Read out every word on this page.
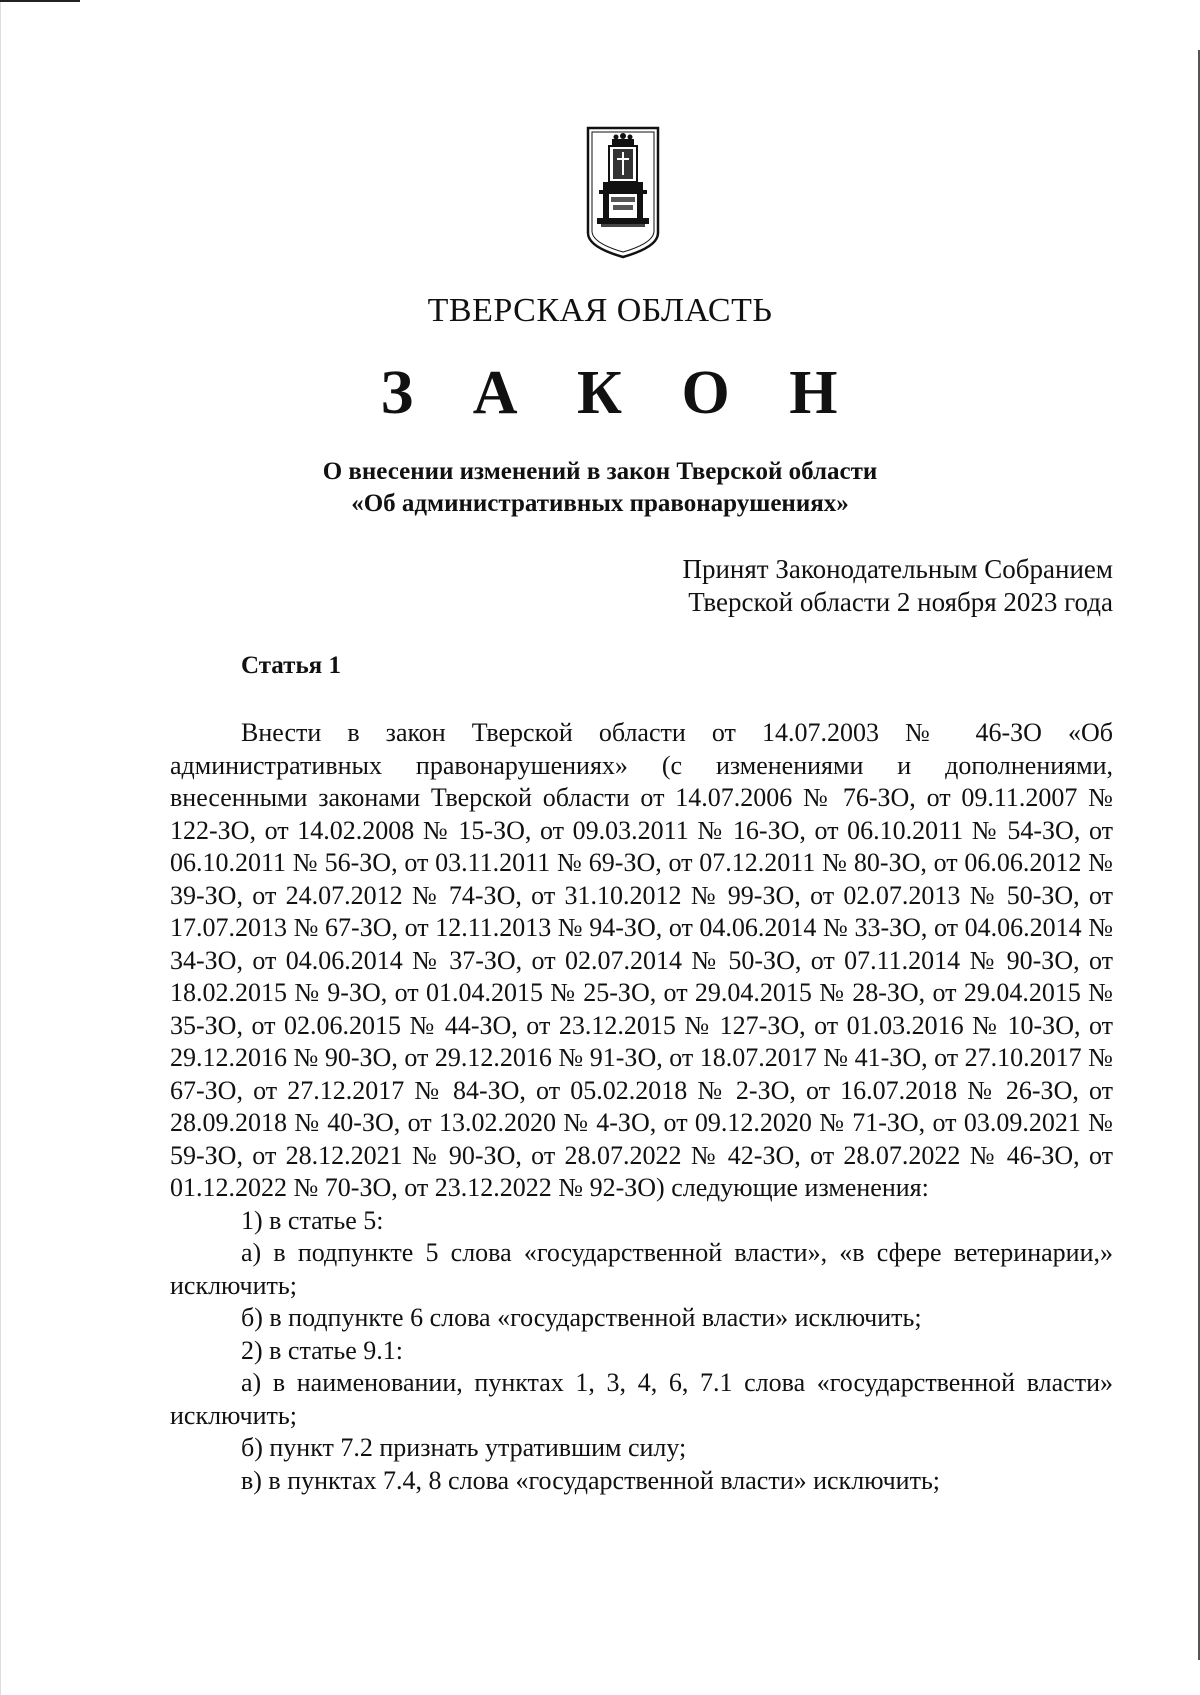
ТВЕРСКАЯ ОБЛАСТЬ
З А К О Н
О внесении изменений в закон Тверской области
«Об административных правонарушениях»
Принят Законодательным Собранием
Тверской области 2 ноября 2023 года
Статья 1

Внести в закон Тверской области от 14.07.2003 № 46-ЗО «Об административных правонарушениях» (с изменениями и дополнениями, внесенными законами Тверской области от 14.07.2006 № 76-ЗО, от 09.11.2007 № 122-ЗО, от 14.02.2008 № 15-ЗО, от 09.03.2011 № 16-ЗО, от 06.10.2011 № 54-ЗО, от 06.10.2011 № 56-ЗО, от 03.11.2011 № 69-ЗО, от 07.12.2011 № 80-ЗО, от 06.06.2012 № 39-ЗО, от 24.07.2012 № 74-ЗО, от 31.10.2012 № 99-ЗО, от 02.07.2013 № 50-ЗО, от 17.07.2013 № 67-ЗО, от 12.11.2013 № 94-ЗО, от 04.06.2014 № 33-ЗО, от 04.06.2014 № 34-ЗО, от 04.06.2014 № 37-ЗО, от 02.07.2014 № 50-ЗО, от 07.11.2014 № 90-ЗО, от 18.02.2015 № 9-ЗО, от 01.04.2015 № 25-ЗО, от 29.04.2015 № 28-ЗО, от 29.04.2015 № 35-ЗО, от 02.06.2015 № 44-ЗО, от 23.12.2015 № 127-ЗО, от 01.03.2016 № 10-ЗО, от 29.12.2016 № 90-ЗО, от 29.12.2016 № 91-ЗО, от 18.07.2017 № 41-ЗО, от 27.10.2017 № 67-ЗО, от 27.12.2017 № 84-ЗО, от 05.02.2018 № 2-ЗО, от 16.07.2018 № 26-ЗО, от 28.09.2018 № 40-ЗО, от 13.02.2020 № 4-ЗО, от 09.12.2020 № 71-ЗО, от 03.09.2021 № 59-ЗО, от 28.12.2021 № 90-ЗО, от 28.07.2022 № 42-ЗО, от 28.07.2022 № 46-ЗО, от 01.12.2022 № 70-ЗО, от 23.12.2022 № 92-ЗО) следующие изменения:

1) в статье 5:

а) в подпункте 5 слова «государственной власти», «в сфере ветеринарии,» исключить;

б) в подпункте 6 слова «государственной власти» исключить;

2) в статье 9.1:

а) в наименовании, пунктах 1, 3, 4, 6, 7.1 слова «государственной власти» исключить;

б) пункт 7.2 признать утратившим силу;

в) в пунктах 7.4, 8 слова «государственной власти» исключить;
